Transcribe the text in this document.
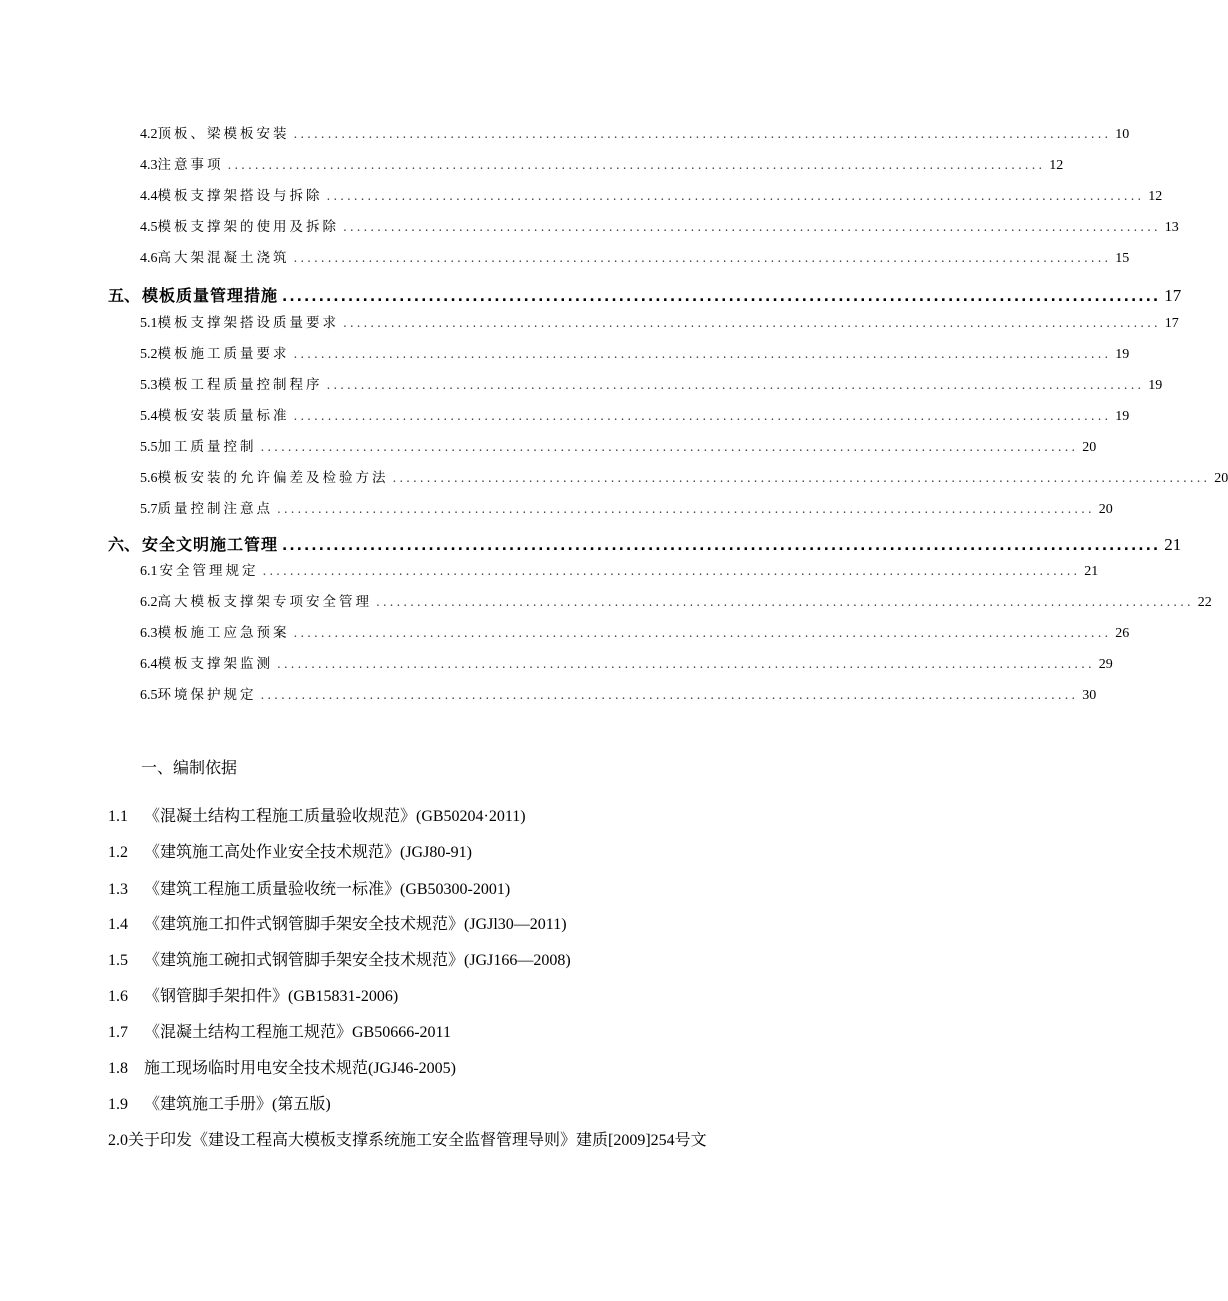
4.2 顶板、梁模板安装 ........................................................................................................................ 10
4.3 注意事项 ........................................................................................................................ 12
4.4 模板支撑架搭设与拆除 ........................................................................................................................ 12
4.5 模板支撑架的使用及拆除 ........................................................................................................................ 13
4.6 高大架混凝土浇筑 ........................................................................................................................ 15
五、 模板质量管理措施 ........................................................................................................................ 17
5.1 模板支撑架搭设质量要求 ........................................................................................................................ 17
5.2 模板施工质量要求 ........................................................................................................................ 19
5.3 模板工程质量控制程序 ........................................................................................................................ 19
5.4 模板安装质量标准 ........................................................................................................................ 19
5.5 加工质量控制 ........................................................................................................................ 20
5.6 模板安装的允许偏差及检验方法 ........................................................................................................................ 20
5.7 质量控制注意点 ........................................................................................................................ 20
六、 安全文明施工管理 ........................................................................................................................ 21
6.1 安全管理规定 ........................................................................................................................ 21
6.2 高大模板支撑架专项安全管理 ........................................................................................................................ 22
6.3 模板施工应急预案 ........................................................................................................................ 26
6.4 模板支撑架监测 ........................................................................................................................ 29
6.5 环境保护规定 ........................................................................................................................ 30
一、编制依据
1.1 《混凝土结构工程施工质量验收规范》(GB50204·2011)
1.2 《建筑施工高处作业安全技术规范》(JGJ80-91)
1.3 《建筑工程施工质量验收统一标准》(GB50300-2001)
1.4 《建筑施工扣件式钢管脚手架安全技术规范》(JGJl30—2011)
1.5 《建筑施工碗扣式钢管脚手架安全技术规范》(JGJ166—2008)
1.6 《钢管脚手架扣件》(GB15831-2006)
1.7 《混凝土结构工程施工规范》GB50666-2011
1.8 施工现场临时用电安全技术规范(JGJ46-2005)
1.9 《建筑施工手册》(第五版)
2.0关于印发《建设工程高大模板支撑系统施工安全监督管理导则》建质[2009]254号文
